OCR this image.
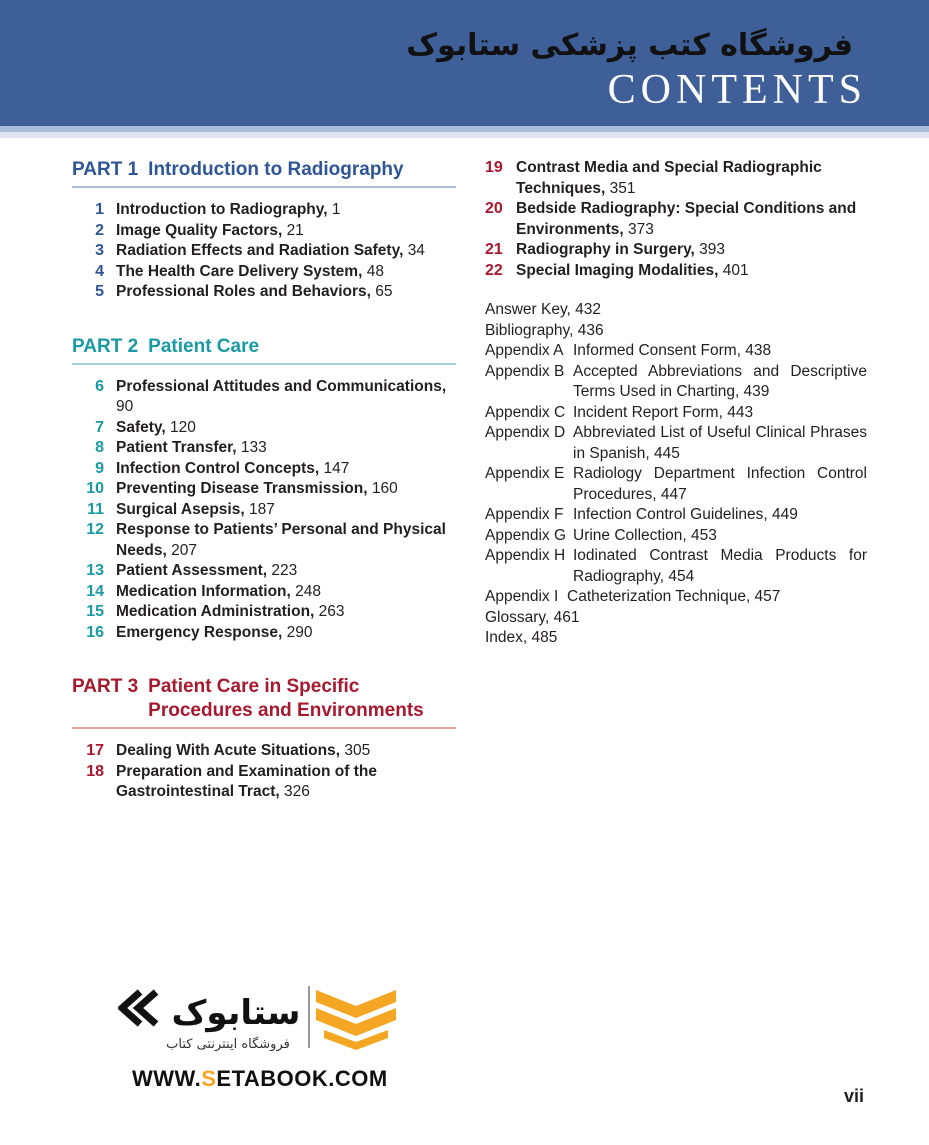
فروشگاه کتب پزشکی ستابوک
CONTENTS
PART 1 Introduction to Radiography
1 Introduction to Radiography, 1
2 Image Quality Factors, 21
3 Radiation Effects and Radiation Safety, 34
4 The Health Care Delivery System, 48
5 Professional Roles and Behaviors, 65
PART 2 Patient Care
6 Professional Attitudes and Communications, 90
7 Safety, 120
8 Patient Transfer, 133
9 Infection Control Concepts, 147
10 Preventing Disease Transmission, 160
11 Surgical Asepsis, 187
12 Response to Patients’ Personal and Physical Needs, 207
13 Patient Assessment, 223
14 Medication Information, 248
15 Medication Administration, 263
16 Emergency Response, 290
PART 3 Patient Care in Specific Procedures and Environments
17 Dealing With Acute Situations, 305
18 Preparation and Examination of the Gastrointestinal Tract, 326
19 Contrast Media and Special Radiographic Techniques, 351
20 Bedside Radiography: Special Conditions and Environments, 373
21 Radiography in Surgery, 393
22 Special Imaging Modalities, 401
Answer Key, 432
Bibliography, 436
Appendix A Informed Consent Form, 438
Appendix B Accepted Abbreviations and Descriptive Terms Used in Charting, 439
Appendix C Incident Report Form, 443
Appendix D Abbreviated List of Useful Clinical Phrases in Spanish, 445
Appendix E Radiology Department Infection Control Procedures, 447
Appendix F Infection Control Guidelines, 449
Appendix G Urine Collection, 453
Appendix H Iodinated Contrast Media Products for Radiography, 454
Appendix I Catheterization Technique, 457
Glossary, 461
Index, 485
ستابوک
فروشگاه اینترنتی کتاب
WWW.SETABOOK.COM
vii
